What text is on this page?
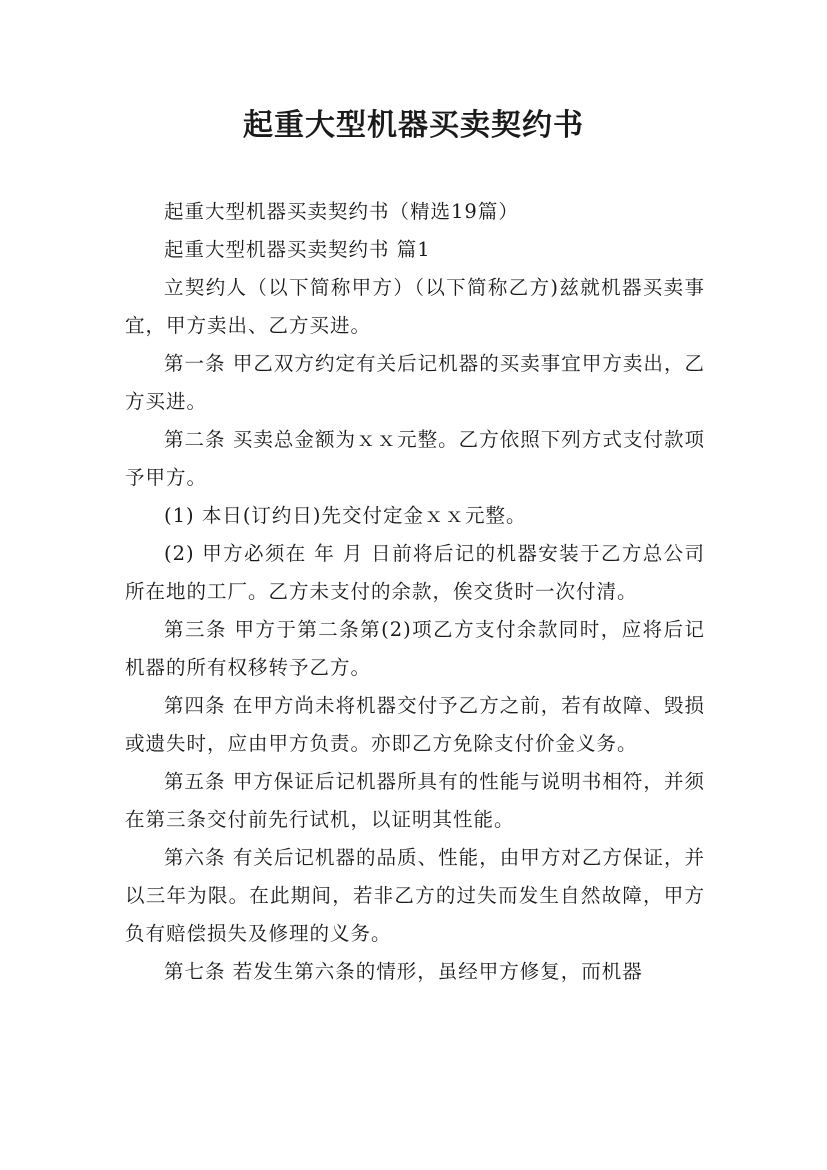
起重大型机器买卖契约书

起重大型机器买卖契约书（精选19篇）

起重大型机器买卖契约书 篇1

立契约人（以下简称甲方）（以下简称乙方)兹就机器买卖事宜，甲方卖出、乙方买进。

第一条 甲乙双方约定有关后记机器的买卖事宜甲方卖出，乙方买进。

第二条 买卖总金额为ｘｘ元整。乙方依照下列方式支付款项予甲方。

(1) 本日(订约日)先交付定金ｘｘ元整。

(2) 甲方必须在 年 月 日前将后记的机器安装于乙方总公司所在地的工厂。乙方未支付的余款，俟交货时一次付清。

第三条 甲方于第二条第(2)项乙方支付余款同时，应将后记机器的所有权移转予乙方。

第四条 在甲方尚未将机器交付予乙方之前，若有故障、毁损或遗失时，应由甲方负责。亦即乙方免除支付价金义务。

第五条 甲方保证后记机器所具有的性能与说明书相符，并须在第三条交付前先行试机，以证明其性能。

第六条 有关后记机器的品质、性能，由甲方对乙方保证，并以三年为限。在此期间，若非乙方的过失而发生自然故障，甲方负有赔偿损失及修理的义务。

第七条 若发生第六条的情形，虽经甲方修复，而机器
